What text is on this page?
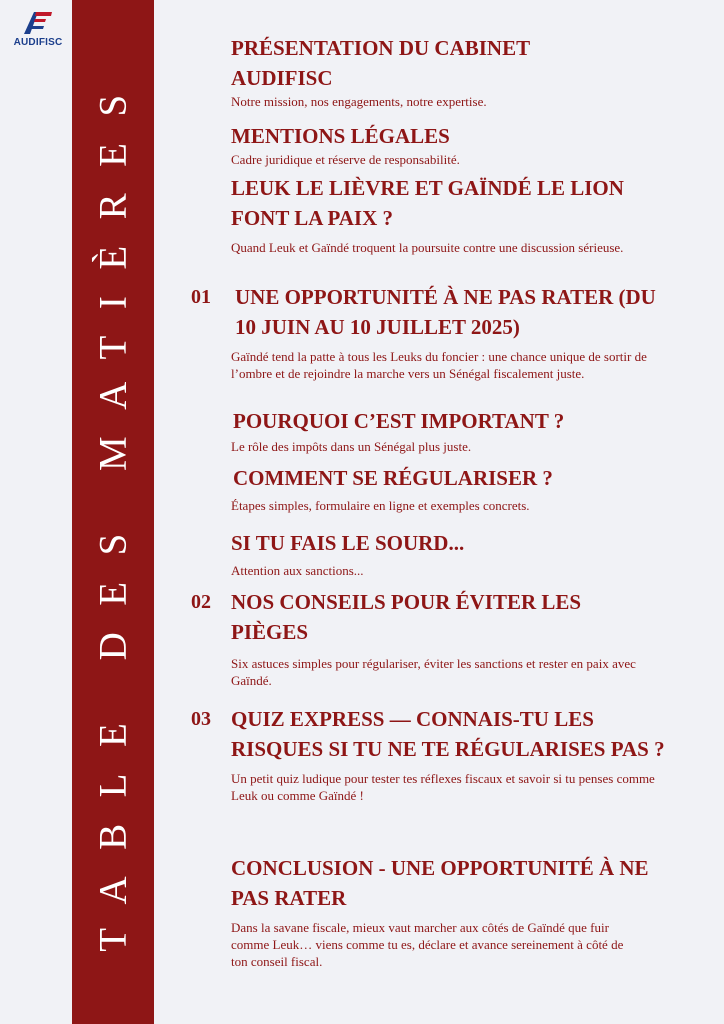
AUDIFISC
TABLE DES MATIÈRES
PRÉSENTATION DU CABINET AUDIFISC
Notre mission, nos engagements, notre expertise.
MENTIONS LÉGALES
Cadre juridique et réserve de responsabilité.
LEUK LE LIÈVRE ET GAÏNDÉ LE LION FONT LA PAIX ?
Quand Leuk et Gaïndé troquent la poursuite contre une discussion sérieuse.
01 UNE OPPORTUNITÉ À NE PAS RATER (DU 10 JUIN AU 10 JUILLET 2025)
Gaïndé tend la patte à tous les Leuks du foncier : une chance unique de sortir de l’ombre et de rejoindre la marche vers un Sénégal fiscalement juste.
POURQUOI C’EST IMPORTANT ?
Le rôle des impôts dans un Sénégal plus juste.
COMMENT SE RÉGULARISER ?
Étapes simples, formulaire en ligne et exemples concrets.
SI TU FAIS LE SOURD...
Attention aux sanctions...
02 NOS CONSEILS POUR ÉVITER LES PIÈGES
Six astuces simples pour régulariser, éviter les sanctions et rester en paix avec Gaïndé.
03 QUIZ EXPRESS — CONNAIS-TU LES RISQUES SI TU NE TE RÉGULARISES PAS ?
Un petit quiz ludique pour tester tes réflexes fiscaux et savoir si tu penses comme Leuk ou comme Gaïndé !
CONCLUSION - UNE OPPORTUNITÉ À NE PAS RATER
Dans la savane fiscale, mieux vaut marcher aux côtés de Gaïndé que fuir comme Leuk… viens comme tu es, déclare et avance sereinement à côté de ton conseil fiscal.
